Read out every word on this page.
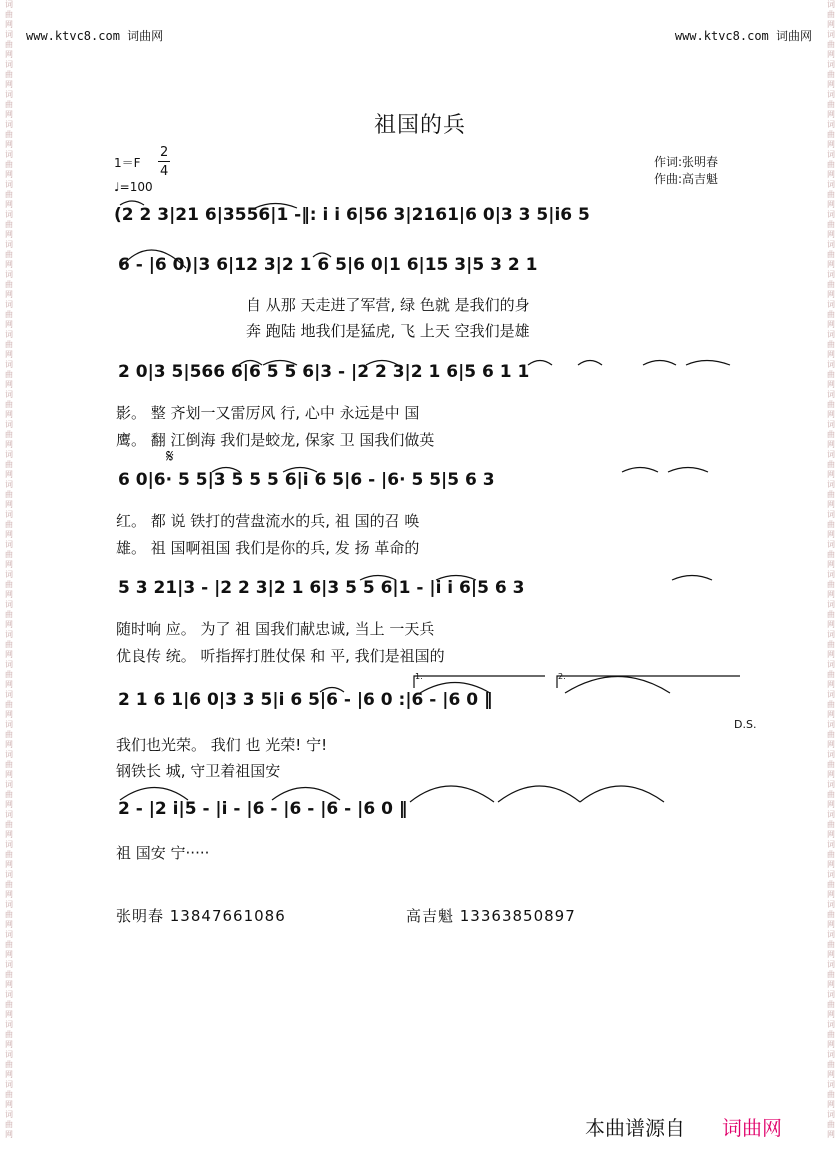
词
曲
网
词
曲
网
词
曲
网
词
曲
网
词
曲
网
词
曲
网
词
曲
网
词
曲
网
词
曲
网
词
曲
网
词
曲
网
词
曲
网
词
曲
网
词
曲
网
词
曲
网
词
曲
网
词
曲
网
词
曲
网
词
曲
网
词
曲
网
词
曲
网
词
曲
网
词
曲
网
词
曲
网
词
曲
网
词
曲
网
词
曲
网
词
曲
网
词
曲
网
词
曲
网
词
曲
网
词
曲
网
词
曲
网
词
曲
网
词
曲
网
词
曲
网
词
曲
网
词
曲
网
词
曲
网
词
曲
网
词
曲
网
词
曲
网
词
曲
网
词
曲
网
词
曲
网
词
曲
网
词
曲
网
词
曲
网
词
曲
网
词
曲
网
词
曲
网
词
曲
网
词
曲
网
词
曲
网
词
曲
网
词
曲
网
词
曲
网
词
曲
网
词
曲
网
词
曲
网
词
曲
网
词
曲
网
词
曲
网
词
曲
网
词
曲
网
词
曲
网
词
曲
网
词
曲
网
词
曲
网
词
曲
网
词
曲
网
词
曲
网
词
曲
网
词
曲
网
词
曲
网
词
曲
网
www.ktvc8.com 词曲网	www.ktvc8.com 词曲网
祖国的兵
1＝F
2
4
♩=100
作词:张明春
作曲:高吉魁
(2 2 3|21 6|3556|1 -‖: i i 6|56 3|2161|6 0|3 3 5|i6 5
6 - |6 0)|3 6|12 3|2 1 6 5|6 0|1 6|15 3|5 3 2 1
自 从那 天走进了军营, 绿 色就 是我们的身
奔 跑陆 地我们是猛虎, 飞 上天 空我们是雄
2 0|3 5|566 6|6 5 5 6|3 - |2 2 3|2 1 6|5 6 1 1
影。 整 齐划一又雷厉风 行, 心中 永远是中 国
鹰。 翻 江倒海 我们是蛟龙, 保家 卫 国我们做英
𝄋
6 0|6· 5 5|3 5 5 5 6|i 6 5|6 - |6· 5 5|5 6 3
红。 都 说 铁打的营盘流水的兵, 祖 国的召 唤
雄。 祖 国啊祖国 我们是你的兵, 发 扬 革命的
5 3 21|3 - |2 2 3|2 1 6|3 5 5 6|1 - |i i 6|5 6 3
随时响 应。 为了 祖 国我们献忠诚, 当上 一天兵
优良传 统。 听指挥打胜仗保 和 平, 我们是祖国的
1.	2.
2 1 6 1|6 0|3 3 5|i 6 5|6 - |6 0 :|6 - |6 0 ‖
D.S.
我们也光荣。 我们 也 光荣! 宁!
钢铁长 城, 守卫着祖国安
2 - |2 i|5 - |i - |6 - |6 - |6 - |6 0 ‖
祖 国安 宁·····
张明春 13847661086	高吉魁 13363850897
本曲谱源自 词曲网
